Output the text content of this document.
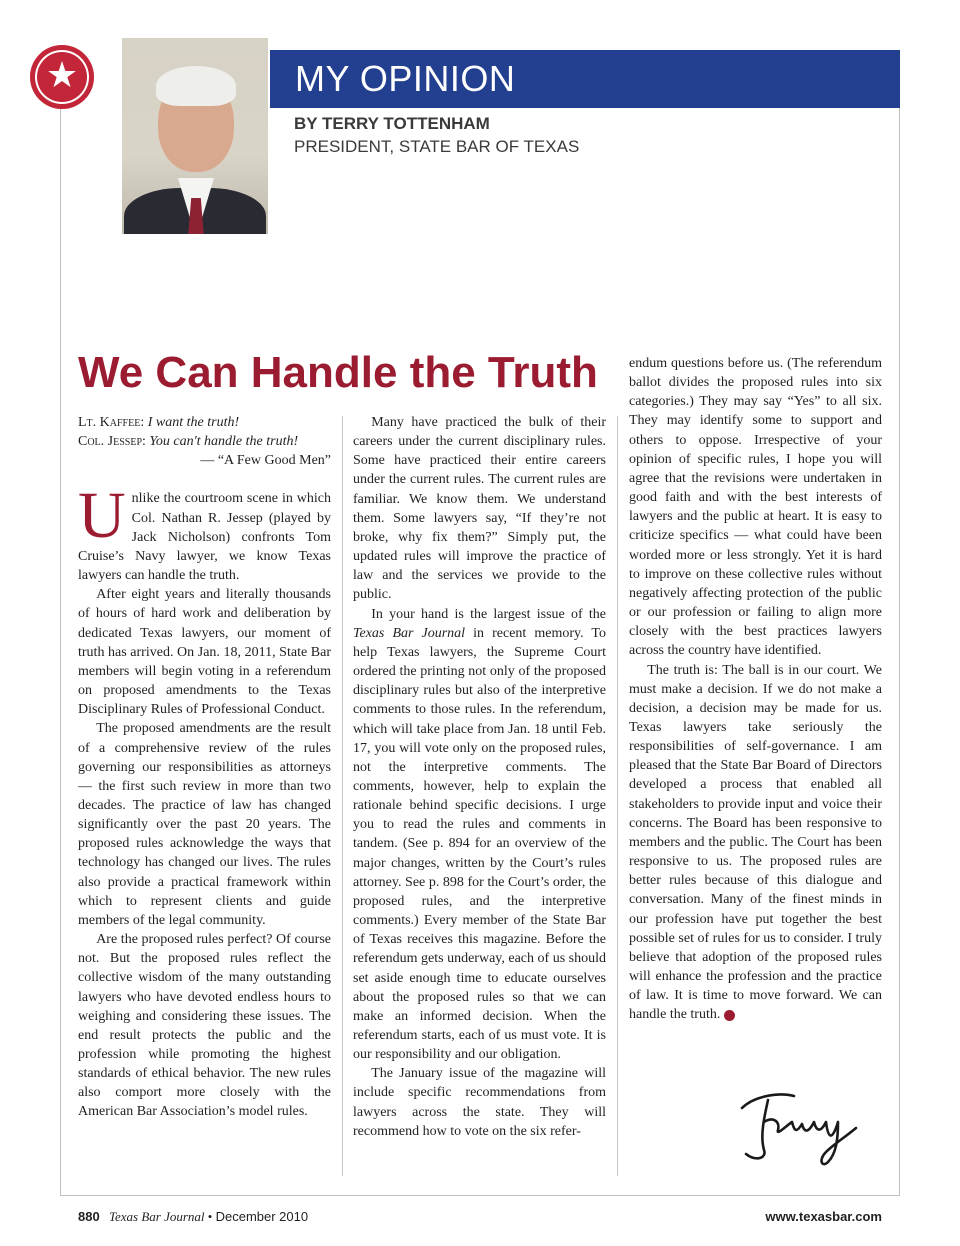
MY OPINION
★
BY TERRY TOTTENHAM
PRESIDENT, STATE BAR OF TEXAS
We Can Handle the Truth
Lt. Kaffee: I want the truth!
Col. Jessep: You can't handle the truth!
— “A Few Good Men”

Unlike the courtroom scene in which Col. Nathan R. Jessep (played by Jack Nicholson) confronts Tom Cruise’s Navy lawyer, we know Texas lawyers can handle the truth.

After eight years and literally thousands of hours of hard work and deliberation by dedicated Texas lawyers, our moment of truth has arrived. On Jan. 18, 2011, State Bar members will begin voting in a referendum on proposed amendments to the Texas Disciplinary Rules of Professional Conduct.

The proposed amendments are the result of a comprehensive review of the rules governing our responsibilities as attorneys — the first such review in more than two decades. The practice of law has changed significantly over the past 20 years. The proposed rules acknowledge the ways that technology has changed our lives. The rules also provide a practical framework within which to represent clients and guide members of the legal community.

Are the proposed rules perfect? Of course not. But the proposed rules reflect the collective wisdom of the many outstanding lawyers who have devoted endless hours to weighing and considering these issues. The end result protects the public and the profession while promoting the highest standards of ethical behavior. The new rules also comport more closely with the American Bar Association’s model rules.

Many have practiced the bulk of their careers under the current disciplinary rules. Some have practiced their entire careers under the current rules. The current rules are familiar. We know them. We understand them. Some lawyers say, “If they’re not broke, why fix them?” Simply put, the updated rules will improve the practice of law and the services we provide to the public.

In your hand is the largest issue of the Texas Bar Journal in recent memory. To help Texas lawyers, the Supreme Court ordered the printing not only of the proposed disciplinary rules but also of the interpretive comments to those rules. In the referendum, which will take place from Jan. 18 until Feb. 17, you will vote only on the proposed rules, not the interpretive comments. The comments, however, help to explain the rationale behind specific decisions. I urge you to read the rules and comments in tandem. (See p. 894 for an overview of the major changes, written by the Court’s rules attorney. See p. 898 for the Court’s order, the proposed rules, and the interpretive comments.) Every member of the State Bar of Texas receives this magazine. Before the referendum gets underway, each of us should set aside enough time to educate ourselves about the proposed rules so that we can make an informed decision. When the referendum starts, each of us must vote. It is our responsibility and our obligation.

The January issue of the magazine will include specific recommendations from lawyers across the state. They will recommend how to vote on the six refer-

endum questions before us. (The referendum ballot divides the proposed rules into six categories.) They may say “Yes” to all six. They may identify some to support and others to oppose. Irrespective of your opinion of specific rules, I hope you will agree that the revisions were undertaken in good faith and with the best interests of lawyers and the public at heart. It is easy to criticize specifics — what could have been worded more or less strongly. Yet it is hard to improve on these collective rules without negatively affecting protection of the public or our profession or failing to align more closely with the best practices lawyers across the country have identified.

The truth is: The ball is in our court. We must make a decision. If we do not make a decision, a decision may be made for us. Texas lawyers take seriously the responsibilities of self-governance. I am pleased that the State Bar Board of Directors developed a process that enabled all stakeholders to provide input and voice their concerns. The Board has been responsive to members and the public. The Court has been responsive to us. The proposed rules are better rules because of this dialogue and conversation. Many of the finest minds in our profession have put together the best possible set of rules for us to consider. I truly believe that adoption of the proposed rules will enhance the profession and the practice of law. It is time to move forward. We can handle the truth.	✪

880 Texas Bar Journal • December 2010	www.texasbar.com
